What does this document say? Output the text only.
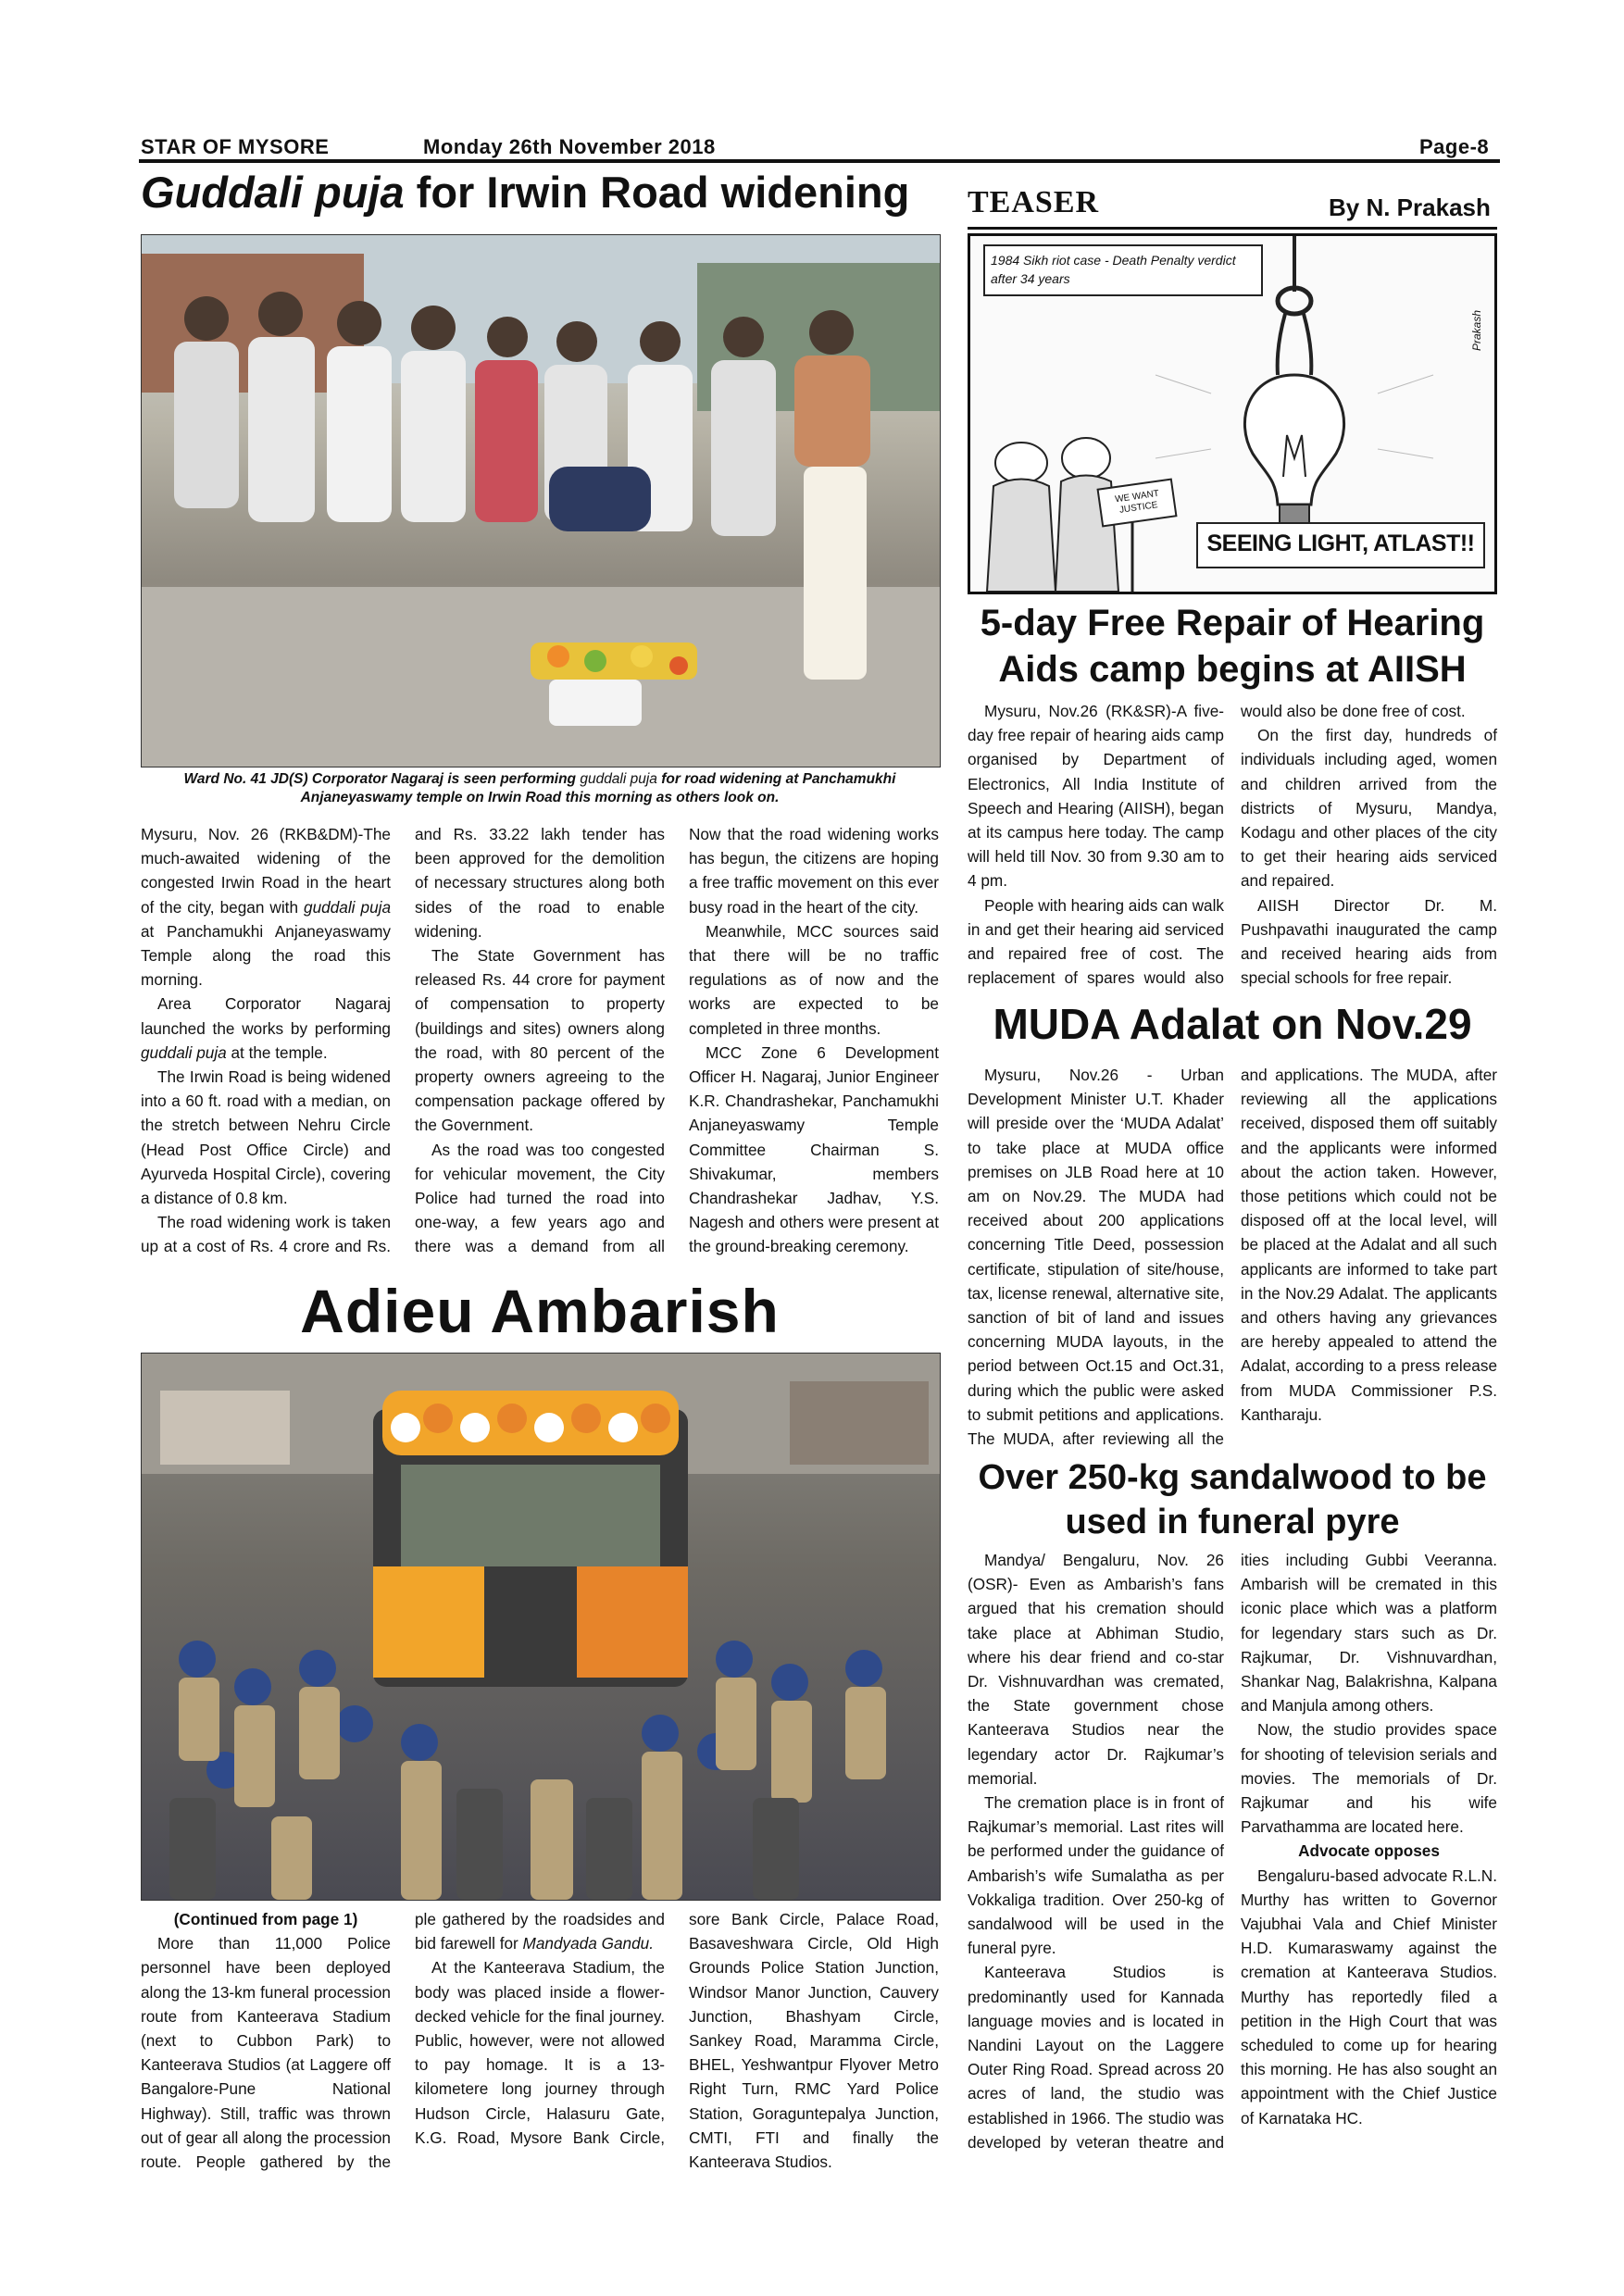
STAR OF MYSORE	Monday 26th November 2018	Page-8
Guddali puja for Irwin Road widening
Ward No. 41 JD(S) Corporator Nagaraj is seen performing guddali puja for road widening at Panchamukhi Anjaneyaswamy temple on Irwin Road this morning as others look on.

Mysuru, Nov. 26 (RKB&DM)-The much-awaited widening of the congested Irwin Road in the heart of the city, began with guddali puja at Panchamukhi Anjaneyaswamy Temple along the road this morning.

Area Corporator Nagaraj launched the works by performing guddali puja at the temple.

The Irwin Road is being widened into a 60 ft. road with a median, on the stretch between Nehru Circle (Head Post Office Circle) and Ayurveda Hospital Circle), covering a distance of 0.8 km.

The road widening work is taken up at a cost of Rs. 4 crore and Rs.

and Rs. 33.22 lakh tender has been approved for the demolition of necessary structures along both sides of the road to enable widening.

The State Government has released Rs. 44 crore for payment of compensation to property (buildings and sites) owners along the road, with 80 percent of the property owners agreeing to the compensation package offered by the Government.

As the road was too congested for vehicular movement, the City Police had turned the road into one-way, a few years ago and there was a demand from all

Now that the road widening works has begun, the citizens are hoping a free traffic movement on this ever busy road in the heart of the city.

Meanwhile, MCC sources said that there will be no traffic regulations as of now and the works are expected to be completed in three months.

MCC Zone 6 Development Officer H. Nagaraj, Junior Engineer K.R. Chandrashekar, Panchamukhi Anjaneyaswamy Temple Committee Chairman S. Shivakumar, members Chandrashekar Jadhav, Y.S. Nagesh and others were present at the ground-breaking ceremony.

TEASER	By N. Prakash
1984 Sikh riot case - Death Penalty verdict after 34 years
WE WANT JUSTICE
SEEING LIGHT, ATLAST!!
Prakash
5-day Free Repair of Hearing Aids camp begins at AIISH

Mysuru, Nov.26 (RK&SR)-A five-day free repair of hearing aids camp organised by Department of Electronics, All India Institute of Speech and Hearing (AIISH), began at its campus here today. The camp will held till Nov. 30 from 9.30 am to 4 pm.

People with hearing aids can walk in and get their hearing aid serviced and repaired free of cost. The replacement of spares would also

would also be done free of cost.

On the first day, hundreds of individuals including aged, women and children arrived from the districts of Mysuru, Mandya, Kodagu and other places of the city to get their hearing aids serviced and repaired.

AIISH Director Dr. M. Pushpavathi inaugurated the camp and received hearing aids from special schools for free repair.

MUDA Adalat on Nov.29

Mysuru, Nov.26 - Urban Development Minister U.T. Khader will preside over the ‘MUDA Adalat’ to take place at MUDA office premises on JLB Road here at 10 am on Nov.29. The MUDA had received about 200 applications concerning Title Deed, possession certificate, stipulation of site/house, tax, license renewal, alternative site, sanction of bit of land and issues concerning MUDA layouts, in the period between Oct.15 and Oct.31, during which the public were asked to submit petitions and applications. The MUDA, after reviewing all the

and applications. The MUDA, after reviewing all the applications received, disposed them off suitably and the applicants were informed about the action taken. However, those petitions which could not be disposed off at the local level, will be placed at the Adalat and all such applicants are informed to take part in the Nov.29 Adalat. The applicants and others having any grievances are hereby appealed to attend the Adalat, according to a press release from MUDA Commissioner P.S. Kantharaju.

Over 250-kg sandalwood to be used in funeral pyre

Mandya/ Bengaluru, Nov. 26 (OSR)- Even as Ambarish’s fans argued that his cremation should take place at Abhiman Studio, where his dear friend and co-star Dr. Vishnuvardhan was cremated, the State government chose Kanteerava Studios near the legendary actor Dr. Rajkumar’s memorial.

The cremation place is in front of Rajkumar’s memorial. Last rites will be performed under the guidance of Ambarish’s wife Sumalatha as per Vokkaliga tradition. Over 250-kg of sandalwood will be used in the funeral pyre.

Kanteerava Studios is predominantly used for Kannada language movies and is located in Nandini Layout on the Laggere Outer Ring Road. Spread across 20 acres of land, the studio was established in 1966. The studio was developed by veteran theatre and

ities including Gubbi Veeranna. Ambarish will be cremated in this iconic place which was a platform for legendary stars such as Dr. Rajkumar, Dr. Vishnuvardhan, Shankar Nag, Balakrishna, Kalpana and Manjula among others.

Now, the studio provides space for shooting of television serials and movies. The memorials of Dr. Rajkumar and his wife Parvathamma are located here.

Advocate opposes

Bengaluru-based advocate R.L.N. Murthy has written to Governor Vajubhai Vala and Chief Minister H.D. Kumaraswamy against the cremation at Kanteerava Studios. Murthy has reportedly filed a petition in the High Court that was scheduled to come up for hearing this morning. He has also sought an appointment with the Chief Justice of Karnataka HC.

Adieu Ambarish

(Continued from page 1)

More than 11,000 Police personnel have been deployed along the 13-km funeral procession route from Kanteerava Stadium (next to Cubbon Park) to Kanteerava Studios (at Laggere off Bangalore-Pune National Highway). Still, traffic was thrown out of gear all along the procession route. People gathered by the

ple gathered by the roadsides and bid farewell for Mandyada Gandu.

At the Kanteerava Stadium, the body was placed inside a flower-decked vehicle for the final journey. Public, however, were not allowed to pay homage. It is a 13-kilometere long journey through Hudson Circle, Halasuru Gate, K.G. Road, Mysore Bank Circle,

sore Bank Circle, Palace Road, Basaveshwara Circle, Old High Grounds Police Station Junction, Windsor Manor Junction, Cauvery Junction, Bhashyam Circle, Sankey Road, Maramma Circle, BHEL, Yeshwantpur Flyover Metro Right Turn, RMC Yard Police Station, Goraguntepalya Junction, CMTI, FTI and finally the Kanteerava Studios.
